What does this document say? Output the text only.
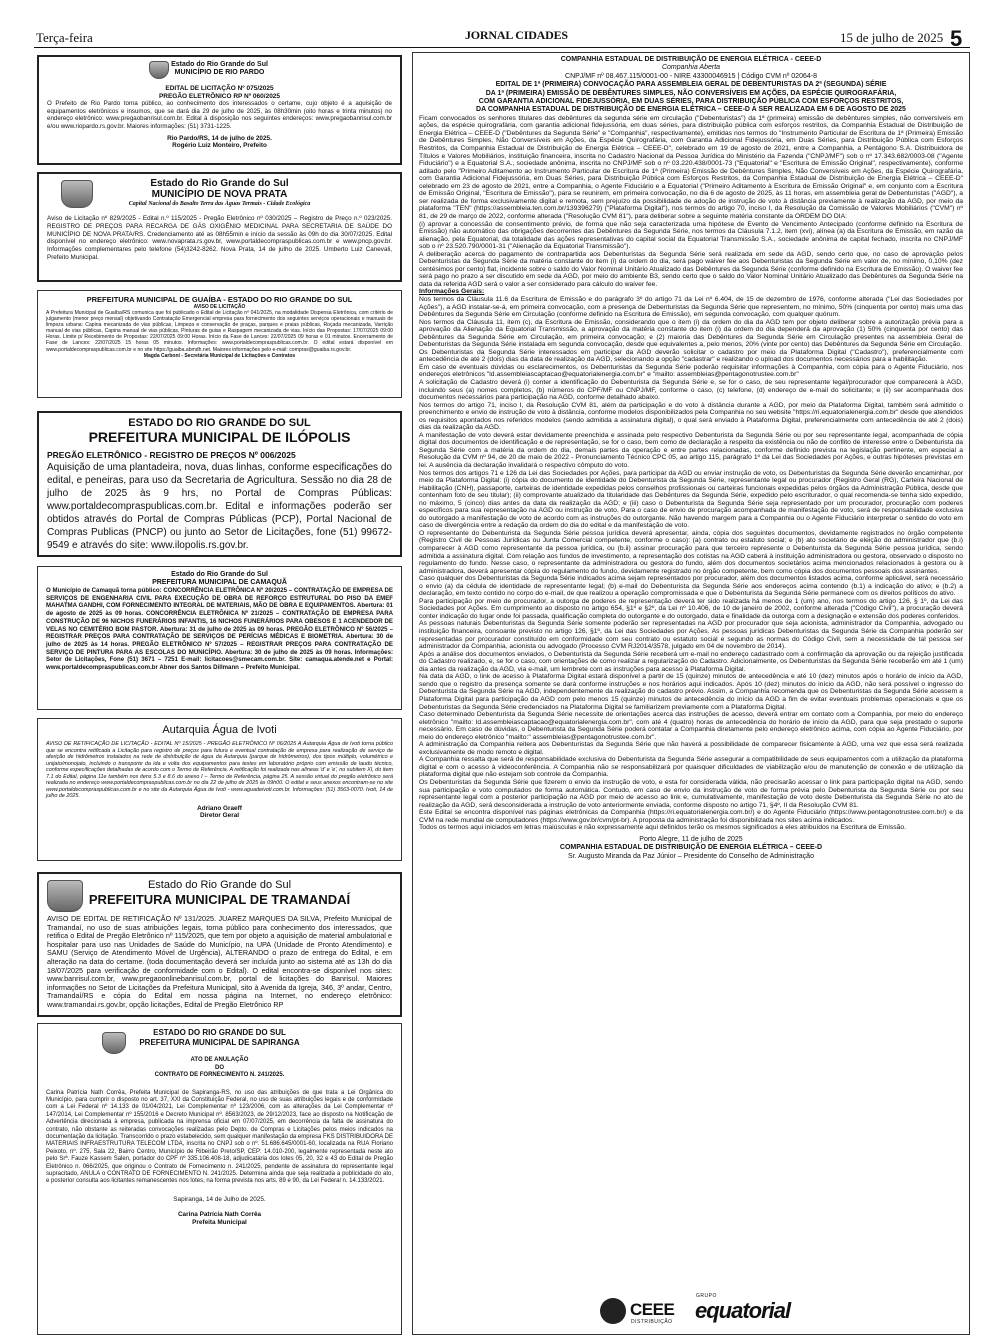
Terça-feira	JORNAL CIDADES	15 de julho de 2025 5
Estado do Rio Grande do Sul
MUNICÍPIO DE RIO PARDO
EDITAL DE LICITAÇÃO Nº 075/2025
PREGÃO ELETRÔNICO RP Nº 060/2025
O Prefeito de Rio Pardo torna público, ao conhecimento dos interessados o certame, cujo objeto é a aquisição de equipamentos eletrônicos e insumos, que se dará dia 29 de julho de 2025, às 08h30min (oito horas e trinta minutos) no endereço eletrônico: www.pregaobanrisul.com.br. Edital à disposição nos seguintes endereços: www.pregaobanrisul.com.br e/ou www.riopardo.rs.gov.br. Maiores informações: (51) 3731-1225.
Rio Pardo/RS, 14 de julho de 2025.
Rogério Luiz Monteiro, Prefeito
Estado do Rio Grande do Sul
MUNICÍPIO DE NOVA PRATA
Capital Nacional do Basalto Terra das Águas Termais - Cidade Ecológica
Aviso de Licitação nº 829/2025 - Edital n.º 115/2025 - Pregão Eletrônico nº 030/2025 – Registro de Preço n.º 023/2025. REGISTRO DE PREÇOS PARA RECARGA DE GÁS OXIGÊNIO MEDICINAL PARA SECRETARIA DE SAÚDE DO MUNICÍPIO DE NOVA PRATA/RS. Credenciamento até as 08h55min e início da sessão às 09h do dia 30/07/2025. Edital disponível no endereço eletrônico: www.novaprata.rs.gov.br, www.portaldecompraspublicas.com.br e www.pncp.gov.br. Informações complementares pelo telefone (54)3242-8262. Nova Prata, 14 de julho de 2025. Umberto Luiz Canevali, Prefeito Municipal.
PREFEITURA MUNICIPAL DE GUAÍBA - ESTADO DO RIO GRANDE DO SUL
AVISO DE LICITAÇÃO
A Prefeitura Municipal de Guaíba/RS comunica que foi publicado o Edital de Licitação nº 041/2025, na modalidade Dispensa Eletrônica, com critério de julgamento (menor preço mensal) objetivando Contratação Emergencial empresa para fornecimento dos seguintes serviços operacionais e manuais de limpeza urbana: Capina mecanizada de vias públicas, Limpeza e conservação de praças, parques e praias públicas, Roçada mecanizada, Varrição manual de vias públicas, Capina manual de vias públicas, Pinturas de guias e Raspagem mecanizada de vias. Início das Propostas: 17/07/2025 09:00 Horas. Limite p/ Recebimento de Propostas: 22/07/2025 09:00 Horas. Início da Fase de Lances: 22/07/2025 09 horas e 01 minutos. Encerramento de Fase de Lances: 22/07/2025 15 horas 05 minutos. Informações: www.portaldecompraspublicas.com.br. O edital estará disponível em www.portaldecompraspublicas.com.br e no site https://guaiba.abmdh.net. Maiores informações pelo e-mail: compras@guaiba.rs.gov.br.
Magda Carboni - Secretária Municipal de Licitações e Contratos
ESTADO DO RIO GRANDE DO SUL
PREFEITURA MUNICIPAL DE ILÓPOLIS
PREGÃO ELETRÔNICO - REGISTRO DE PREÇOS Nº 006/2025
Aquisição de uma plantadeira, nova, duas linhas, conforme especificações do edital, e peneiras, para uso da Secretaria de Agricultura. Sessão no dia 28 de julho de 2025 às 9 hrs, no Portal de Compras Públicas: www.portaldecompraspublicas.com.br. Edital e informações poderão ser obtidos através do Portal de Compras Públicas (PCP), Portal Nacional de Compras Publicas (PNCP) ou junto ao Setor de Licitações, fone (51) 99672-9549 e através do site: www.ilopolis.rs.gov.br.
Estado do Rio Grande do Sul
PREFEITURA MUNICIPAL DE CAMAQUÃ
O Município de Camaquã torna público: CONCORRÊNCIA ELETRÔNICA Nº 20/2025 – CONTRATAÇÃO DE EMPRESA DE SERVIÇOS DE ENGENHARIA CIVIL PARA EXECUÇÃO DE OBRA DE REFORÇO ESTRUTURAL DO PISO DA EMEF MAHATMA GANDHI, COM FORNECIMENTO INTEGRAL DE MATERIAIS, MÃO DE OBRA E EQUIPAMENTOS. Abertura: 01 de agosto de 2025 às 09 horas. CONCORRÊNCIA ELETRÔNICA Nº 21/2025 – CONTRATAÇÃO DE EMPRESA PARA CONSTRUÇÃO DE 96 NICHOS FUNERÁRIOS INFANTIS, 16 NICHOS FUNERÁRIOS PARA OBESOS E 1 ACENDEDOR DE VELAS NO CEMITÉRIO BOM PASTOR. Abertura: 31 de julho de 2025 às 09 horas. PREGÃO ELETRÔNICO Nº 56/2025 – REGISTRAR PREÇOS PARA CONTRATAÇÃO DE SERVIÇOS DE PERÍCIAS MÉDICAS E BIOMETRIA. Abertura: 30 de julho de 2025 às 14 horas. PREGÃO ELETRÔNICO Nº 57/2025 – REGISTRAR PREÇOS PARA CONTRATAÇÃO DE SERVIÇO DE PINTURA PARA AS ESCOLAS DO MUNICÍPIO. Abertura: 30 de julho de 2025 às 09 horas. Informações: Setor de Licitações, Fone (51) 3671 – 7251 E-mail: licitacoes@smecam.com.br. Site: camaqua.atende.net e Portal: www.portaldecompraspublicas.com.br Abner dos Santos Dillmann – Prefeito Municipal.
Autarquia Água de Ivoti
AVISO DE RETIFICAÇÃO DE LICITAÇÃO - EDITAL Nº 15/2025 - PREGÃO ELETRÔNICO Nº 06/2025 A Autarquia Água de Ivoti torna público que se encontra retificada a Licitação para registro de preços para futura e eventual contratação de empresa para realização de serviço de aferição de hidrômetros instalados na rede de distribuição de água da Autarquia (parque de hidrômetros), dos tipos múltiplo, volumétrico e unijato/monojato, incluindo o transporte da ida e volta dos equipamentos para testes em laboratório próprio com emissão de laudo técnico, conforme especificações detalhadas de acordo com o Termo de Referência. A retificação foi realizada nas alíneas 'd' e 'e', no subitem XI, do item 7.1 do Edital, página 11e também nos itens 5.3 e 8.6 do anexo I – Termo de Referência, página 25. A sessão virtual do pregão eletrônico será realizada no endereço www.portaldecompraspublicas.com.br no dia 22 de julho de 2025 às 09h00. O edital e seus anexos encontram-se no site www.portaldecompraspublicas.com.br e no site da Autarquia Água de Ivoti - www.aguadeivoti.com.br. Informações: (51) 3563-0070. Ivoti, 14 de julho de 2025.
Adriano Graeff
Diretor Geral
Estado do Rio Grande do Sul
PREFEITURA MUNICIPAL DE TRAMANDAÍ
AVISO DE EDITAL DE RETIFICAÇÃO Nº 131/2025. JUAREZ MARQUES DA SILVA, Prefeito Municipal de Tramandaí, no uso de suas atribuições legais, torna público para conhecimento dos interessados, que retifica o Edital de Pregão Eletrônico nº 115/2025, que tem por objeto a aquisição de material ambulatorial e hospitalar para uso nas Unidades de Saúde do Município, na UPA (Unidade de Pronto Atendimento) e SAMU (Serviço de Atendimento Móvel de Urgência), ALTERANDO o prazo de entrega do Edital, e em alteração na data do certame. (toda documentação deverá ser incluída junto ao sistema até as 13h do dia 18/07/2025 para verificação de conformidade com o Edital). O edital encontra-se disponível nos sites: www.banrisul.com.br, www.pregaoonlinebanrisul.com.br, portal de licitações do Banrisul. Maiores informações no Setor de Licitações da Prefeitura Municipal, sito à Avenida da Igreja, 346, 3º andar, Centro, Tramandaí/RS e cópia do Edital em nossa página na Internet, no endereço eletrônico: www.tramandai.rs.gov.br, opção licitações, Edital de Pregão Eletrônico RP
ESTADO DO RIO GRANDE DO SUL
PREFEITURA MUNICIPAL DE SAPIRANGA
ATO DE ANULAÇÃO
DO
CONTRATO DE FORNECIMENTO N. 241/2025.
Carina Patrícia Nath Corrêa, Prefeita Municipal de Sapiranga-RS, no uso das atribuições de que trata a Lei Orgânica do Município, para cumprir o disposto no art. 37, XXI da Constituição Federal, no uso de suas atribuições legais e de conformidade com a Lei Federal nº 14.133 de 01/04/2021, Lei Complementar nº 123/2006, com as alterações da Lei Complementar nº 147/2014, Lei Complementar nº 155/2016 e Decreto Municipal nº. 8563/2023, de 29/12/2023, face ao disposto na Notificação de Advertência direcionada à empresa, publicada na imprensa oficial em 07/07/2025, em decorrência da falta de assinatura do contrato, não obstante as reiteradas convocações realizadas pelo Depto. de Compras e Licitações pelos meios indicados na documentação da licitação. Transcorrido o prazo estabelecido, sem qualquer manifestação da empresa FKS DISTRIBUIDORA DE MATERIAIS INFRAESTRUTURA TELECOM LTDA, inscrita no CNPJ sob o nº. 51.686.645/0001-60, localizada na RUA Floriano Peixoto, nº. 275, Sala 22, Bairro Centro, Município de Ribeirão Preto/SP, CEP: 14.010-200, legalmente representada neste ato pelo Srª. Fauze Kassem Salen, portador do CPF nº 335.106.408-18, adjudicatária dos lotes 05, 20, 32 e 43 do Edital de Pregão Eletrônico n. 066/2025, que originou o Contrato de Fornecimento n. 241/2025, pendente de assinatura do representante legal supracitado, ANULA o CONTRATO DE FORNECIMENTO N. 241/2025. Determina ainda que seja realizada a publicidade do ato, e posterior consulta aos licitantes remanescentes nos lotes, na forma prevista nos arts. 89 e 90, da Lei Federal n. 14.133/2021.
Sapiranga, 14 de Julho de 2025.
Carina Patrícia Nath Corrêa
Prefeita Municipal
COMPANHIA ESTADUAL DE DISTRIBUIÇÃO DE ENERGIA ELÉTRICA - CEEE-D
Companhia Aberta
CNPJ/MF nº 08.467.115/0001-00 - NIRE 43300046915 | Código CVM nº 02064-8
EDITAL DE 1ª (PRIMEIRA) CONVOCAÇÃO PARA ASSEMBLEIA GERAL DE DEBENTURISTAS DA 2ª (SEGUNDA) SÉRIE
DA 1ª (PRIMEIRA) EMISSÃO DE DEBÊNTURES SIMPLES, NÃO CONVERSÍVEIS EM AÇÕES, DA ESPÉCIE QUIROGRAFÁRIA,
COM GARANTIA ADICIONAL FIDEJUSSÓRIA, EM DUAS SÉRIES, PARA DISTRIBUIÇÃO PÚBLICA COM ESFORÇOS RESTRITOS,
DA COMPANHIA ESTADUAL DE DISTRIBUIÇÃO DE ENERGIA ELÉTRICA – CEEE-D A SER REALIZADA EM 6 DE AGOSTO DE 2025

Ficam convocados os senhores titulares das debêntures da segunda série em circulação ("Debenturistas") da 1ª (primeira) emissão de debêntures simples, não conversíveis em ações, da espécie quirografária, com garantia adicional fidejussória, em duas séries, para distribuição pública com esforços restritos, da Companhia Estadual de Distribuição de Energia Elétrica – CEEE-D ("Debêntures da Segunda Série" e "Companhia", respectivamente), emitidas nos termos do "Instrumento Particular de Escritura de 1ª (Primeira) Emissão de Debêntures Simples, Não Conversíveis em Ações, da Espécie Quirografária, com Garantia Adicional Fidejussória, em Duas Séries, para Distribuição Pública com Esforços Restritos, da Companhia Estadual de Distribuição de Energia Elétrica – CEEE-D", celebrado em 19 de agosto de 2021, entre a Companhia, a Pentágono S.A. Distribuidora de Títulos e Valores Mobiliários, instituição financeira, inscrita no Cadastro Nacional da Pessoa Jurídica do Ministério da Fazenda ("CNPJ/MF") sob o nº 17.343.682/0003-08 ("Agente Fiduciário") e a Equatorial S.A., sociedade anônima, inscrita no CNPJ/MF sob o nº 03.220.438/0001-73 ("Equatorial" e "Escritura de Emissão Original", respectivamente), conforme aditado pelo "Primeiro Aditamento ao Instrumento Particular de Escritura de 1ª (Primeira) Emissão de Debêntures Simples, Não Conversíveis em Ações, da Espécie Quirografária, com Garantia Adicional Fidejussória, em Duas Séries, para Distribuição Pública com Esforços Restritos, da Companhia Estadual de Distribuição de Energia Elétrica – CEEE-D" celebrado em 23 de agosto de 2021, entre a Companhia, o Agente Fiduciário e a Equatorial ("Primeiro Aditamento à Escritura de Emissão Original" e, em conjunto com a Escritura de Emissão Original, "Escritura de Emissão"), para se reunirem, em primeira convocação, no dia 6 de agosto de 2025, às 11 horas, em assembleia geral de Debenturistas ("AGD"), a ser realizada de forma exclusivamente digital e remota, sem prejuízo da possibilidade de adoção de instrução de voto à distância previamente à realização da AGD, por meio da plataforma "TEN" (https://assembleia.ten.com.br/139396279) ("Plataforma Digital"), nos termos do artigo 70, inciso I, da Resolução da Comissão de Valores Mobiliários ("CVM") nº 81, de 29 de março de 2022, conforme alterada ("Resolução CVM 81"), para deliberar sobre a seguinte matéria constante da ORDEM DO DIA:

(i) aprovar a concessão de consentimento prévio, de forma que não seja caracterizada uma hipótese de Evento de Vencimento Antecipado (conforme definido na Escritura de Emissão) não automático das obrigações decorrentes das Debêntures da Segunda Série, nos termos da Cláusula 7.1.2, item (xvi), alínea (a) da Escritura de Emissão, em razão da alienação, pela Equatorial, da totalidade das ações representativas do capital social da Equatorial Transmissão S.A., sociedade anônima de capital fechado, inscrita no CNPJ/MF sob o nº 23.520.790/0001-31 ("Alienação da Equatorial Transmissão").

A deliberação acerca do pagamento de contrapartida aos Debenturistas da Segunda Série será realizada em sede da AGD, sendo certo que, no caso de aprovação pelos Debenturistas da Segunda Série da matéria constante do item (i) da ordem do dia, será pago waiver fee aos Debenturistas da Segunda Série em valor de, no mínimo, 0,10% (dez centésimos por cento) flat, incidente sobre o saldo do Valor Nominal Unitário Atualizado das Debêntures da Segunda Série (conforme definido na Escritura de Emissão). O waiver fee será pago no prazo a ser discutido em sede da AGD, por meio do ambiente B3, sendo certo que o saldo do Valor Nominal Unitário Atualizado das Debêntures da Segunda Série na data da referida AGD será o valor a ser considerado para cálculo do waiver fee.

Informações Gerais:

Nos termos da Cláusula 11.6 da Escritura de Emissão e do parágrafo 3º do artigo 71 da Lei nº 6.404, de 15 de dezembro de 1976, conforme alterada ("Lei das Sociedades por Ações"), a AGD instalar-se-á, em primeira convocação, com a presença de Debenturistas da Segunda Série que representem, no mínimo, 50% (cinquenta por cento) mais uma das Debêntures da Segunda Série em Circulação (conforme definido na Escritura de Emissão), em segunda convocação, com qualquer quórum.

Nos termos da Cláusula 11, item (c), da Escritura de Emissão, considerando que o item (i) da ordem do dia da AGD tem por objeto deliberar sobre a autorização prévia para a aprovação da Alienação da Equatorial Transmissão, a aprovação da matéria constante do item (i) da ordem do dia dependerá da aprovação (1) 50% (cinquenta por cento) das Debêntures da Segunda Série em Circulação, em primeira convocação; e (2) maioria das Debêntures da Segunda Série em Circulação presentes na assembleia Geral de Debenturistas da Segunda Série instalada em segunda convocação, desde que equivalentes a, pelo menos, 20% (vinte por cento) das Debêntures da Segunda Série em Circulação.

Os Debenturistas da Segunda Série interessados em participar da AGD deverão solicitar o cadastro por meio da Plataforma Digital ("Cadastro"), preferencialmente com antecedência de até 2 (dois) dias da data de realização da AGD, selecionando a opção "cadastrar" e realizando o upload dos documentos necessários para a habilitação.

Em caso de eventuais dúvidas ou esclarecimentos, os Debenturistas da Segunda Série poderão requisitar informações à Companhia, com cópia para o Agente Fiduciário, nos endereços eletrônicos "ld.assembleiascaptacao@equatorialenergia.com.br" e "mailto: assembleias@pentagonotrustee.com.br"

A solicitação de Cadastro deverá (i) conter a identificação do Debenturista da Segunda Série e, se for o caso, de seu representante legal/procurador que comparecerá à AGD, incluindo seus (a) nomes completos, (b) números do CPF/MF ou CNPJ/MF, conforme o caso, (c) telefone, (d) endereço de e-mail do solicitante; e (ii) ser acompanhada dos documentos necessários para participação na AGD, conforme detalhado abaixo.

Nos termos do artigo 71, inciso I, da Resolução CVM 81, além da participação e do voto à distância durante a AGD, por meio da Plataforma Digital, também será admitido o preenchimento e envio de instrução de voto à distância, conforme modelos disponibilizados pela Companhia no seu website "https://ri.equatorialenergia.com.br" desde que atendidos os requisitos apontados nos referidos modelos (sendo admitida a assinatura digital), o qual será enviado à Plataforma Digital, preferencialmente com antecedência de até 2 (dois) dias da realização da AGD.

A manifestação de voto deverá estar devidamente preenchida e assinada pelo respectivo Debenturista da Segunda Série ou por seu representante legal, acompanhada de cópia digital dos documentos de identificação e de representação, se for o caso, bem como de declaração a respeito da existência ou não de conflito de interesse entre o Debenturista da Segunda Série com a matéria da ordem do dia, demais partes da operação e entre partes relacionadas, conforme definido prevista na legislação pertinente, em especial a Resolução da CVM nº 94, de 20 de maio de 2022 - Pronunciamento Técnico CPC 05, ao artigo 115, parágrafo 1º da Lei das Sociedades por Ações, e outras hipóteses previstas em lei. A ausência da declaração invalidará o respectivo cômputo do voto.

Nos termos dos artigos 71 e 126 da Lei das Sociedades por Ações, para participar da AGD ou enviar instrução de voto, os Debenturistas da Segunda Série deverão encaminhar, por meio da Plataforma Digital: (i) cópia do documento de identidade do Debenturista da Segunda Série, representante legal ou procurador (Registro Geral (RG), Carteira Nacional de Habilitação (CNH), passaporte, carteiras de identidade expedidas pelos conselhos profissionais ou carteiras funcionais expedidas pelos órgãos da Administração Pública, desde que contenham foto de seu titular); (ii) comprovante atualizado da titularidade das Debêntures da Segunda Série, expedido pelo escriturador, o qual recomenda-se tenha sido expedido, no máximo, 5 (cinco) dias antes da data da realização da AGD; e (iii) caso o Debenturista da Segunda Série seja representado por um procurador, procuração com poderes específicos para sua representação na AGD ou instrução de voto. Para o caso de envio de procuração acompanhada de manifestação de voto, será de responsabilidade exclusiva do outorgado a manifestação de voto de acordo com as instruções do outorgante. Não havendo margem para a Companhia ou o Agente Fiduciário interpretar o sentido do voto em caso de divergência entre a redação da ordem do dia do edital e da manifestação de voto.

O representante do Debenturista da Segunda Série pessoa jurídica deverá apresentar, ainda, cópia dos seguintes documentos, devidamente registrados no órgão competente (Registro Civil de Pessoas Jurídicas ou Junta Comercial competente, conforme o caso): (a) contrato ou estatuto social; e (b) ato societário de eleição do administrador que (b.i) comparecer à AGD como representante da pessoa jurídica, ou (b.ii) assinar procuração para que terceiro represente o Debenturista da Segunda Série pessoa jurídica, sendo admitida a assinatura digital. Com relação aos fundos de investimento, a representação dos cotistas na AGD caberá à instituição administradora ou gestora, observado o disposto no regulamento do fundo. Nesse caso, o representante da administradora ou gestora do fundo, além dos documentos societários acima mencionados relacionados à gestora ou à administradora, deverá apresentar cópia do regulamento do fundo, devidamente registrado no órgão competente, bem como cópia dos documentos pessoais dos assinantes.

Caso qualquer dos Debenturistas da Segunda Série indicados acima sejam representados por procurador, além dos documentos listados acima, conforme aplicável, será necessário o envio (a) da cédula de identidade de representante legal; (b) e-mail do Debenturista da Segunda Série aos endereços acima contendo (b.1) a indicação do ativo; e (b.2) a declaração, em texto contido no corpo do e-mail, de que realizou a operação compromissada e que o Debenturista da Segunda Série permanece com os direitos políticos do ativo.

Para participação por meio de procurador, a outorga de poderes de representação deverá ter sido realizada há menos de 1 (um) ano, nos termos do artigo 126, § 1º, da Lei das Sociedades por Ações. Em cumprimento ao disposto no artigo 654, §1º e §2º, da Lei nº 10.406, de 10 de janeiro de 2002, conforme alterada ("Código Civil"), a procuração deverá conter indicação do lugar onde foi passada, qualificação completa do outorgante e do outorgado, data e finalidade da outorga com a designação e extensão dos poderes conferidos.

As pessoas naturais Debenturistas da Segunda Série somente poderão ser representadas na AGD por procurador que seja acionista, administrador da Companhia, advogado ou instituição financeira, consoante previsto no artigo 126, §1º, da Lei das Sociedades por Ações. As pessoas jurídicas Debenturistas da Segunda Série da Companhia poderão ser representadas por procurador constituído em conformidade com seu contrato ou estatuto social e segundo as normas do Código Civil, sem a necessidade de tal pessoa ser administrador da Companhia, acionista ou advogado (Processo CVM RJ2014/3578, julgado em 04 de novembro de 2014).

Após a análise dos documentos enviados, o Debenturista da Segunda Série receberá um e-mail no endereço cadastrado com a confirmação da aprovação ou da rejeição justificada do Cadastro realizado, e, se for o caso, com orientações de como realizar a regularização do Cadastro. Adicionalmente, os Debenturistas da Segunda Série receberão em até 1 (um) dia antes da realização da AGD, via e-mail, um lembrete com as instruções para acesso à Plataforma Digital.

Na data da AGD, o link de acesso à Plataforma Digital estará disponível a partir de 15 (quinze) minutos de antecedência e até 10 (dez) minutos após o horário de início da AGD, sendo que o registro da presença somente se dará conforme instruções e nos horários aqui indicados. Após 10 (dez) minutos do início da AGD, não será possível o ingresso do Debenturista da Segunda Série na AGD, independentemente da realização do cadastro prévio. Assim, a Companhia recomenda que os Debenturistas da Segunda Série acessem a Plataforma Digital para participação da AGD com pelo menos 15 (quinze) minutos de antecedência do início da AGD a fim de evitar eventuais problemas operacionais e que os Debenturistas da Segunda Série credenciados na Plataforma Digital se familiarizem previamente com a Plataforma Digital.

Caso determinado Debenturista da Segunda Série necessite de orientações acerca das instruções de acesso, deverá entrar em contato com a Companhia, por meio do endereço eletrônico "mailto: ld.assembleiascaptacao@equatorialenergia.com.br", com até 4 (quatro) horas de antecedência do horário de início da AGD, para que seja prestado o suporte necessário. Em caso de dúvidas, o Debenturista da Segunda Série poderá contatar a Companhia diretamente pelo endereço eletrônico acima, com cópia ao Agente Fiduciário, por meio do endereço eletrônico "mailto:" assembleias@pentagonotrustee.com.br".

A administração da Companhia reitera aos Debenturistas da Segunda Série que não haverá a possibilidade de comparecer fisicamente à AGD, uma vez que essa será realizada exclusivamente de modo remoto e digital.

A Companhia ressalta que será de responsabilidade exclusiva do Debenturista da Segunda Série assegurar a compatibilidade de seus equipamentos com a utilização da plataforma digital e com o acesso à videoconferência. A Companhia não se responsabilizará por quaisquer dificuldades de viabilização e/ou de manutenção de conexão e de utilização da plataforma digital que não estejam sob controle da Companhia.

Os Debenturistas da Segunda Série que fizerem o envio da instrução de voto, e esta for considerada válida, não precisarão acessar o link para participação digital na AGD, sendo sua participação e voto computados de forma automática. Contudo, em caso de envio da instrução de voto de forma prévia pelo Debenturista da Segunda Série ou por seu representante legal com a posterior participação na AGD por meio de acesso ao link e, cumulativamente, manifestação de voto deste Debenturista da Segunda Série no ato de realização da AGD, será desconsiderada a instrução de voto anteriormente enviada, conforme disposto no artigo 71, §4º, II da Resolução CVM 81.

Este Edital se encontra disponível nas páginas eletrônicas da Companhia (https://ri.equatorialenergia.com.br/) e do Agente Fiduciário (https://www.pentagonotrustee.com.br/) e da CVM na rede mundial de computadores (https://www.gov.br/cvm/pt-br). A proposta da administração foi disponibilizada nos sites acima indicados.

Todos os termos aqui iniciados em letras maiúsculas e não expressamente aqui definidos terão os mesmos significados a eles atribuídos na Escritura de Emissão.

Porto Alegre, 11 de julho de 2025
COMPANHIA ESTADUAL DE DISTRIBUIÇÃO DE ENERGIA ELÉTRICA – CEEE-D
Sr. Augusto Miranda da Paz Júnior – Presidente do Conselho de Administração
CEEE
DISTRIBUIÇÃO
GRUPO
equatorial
